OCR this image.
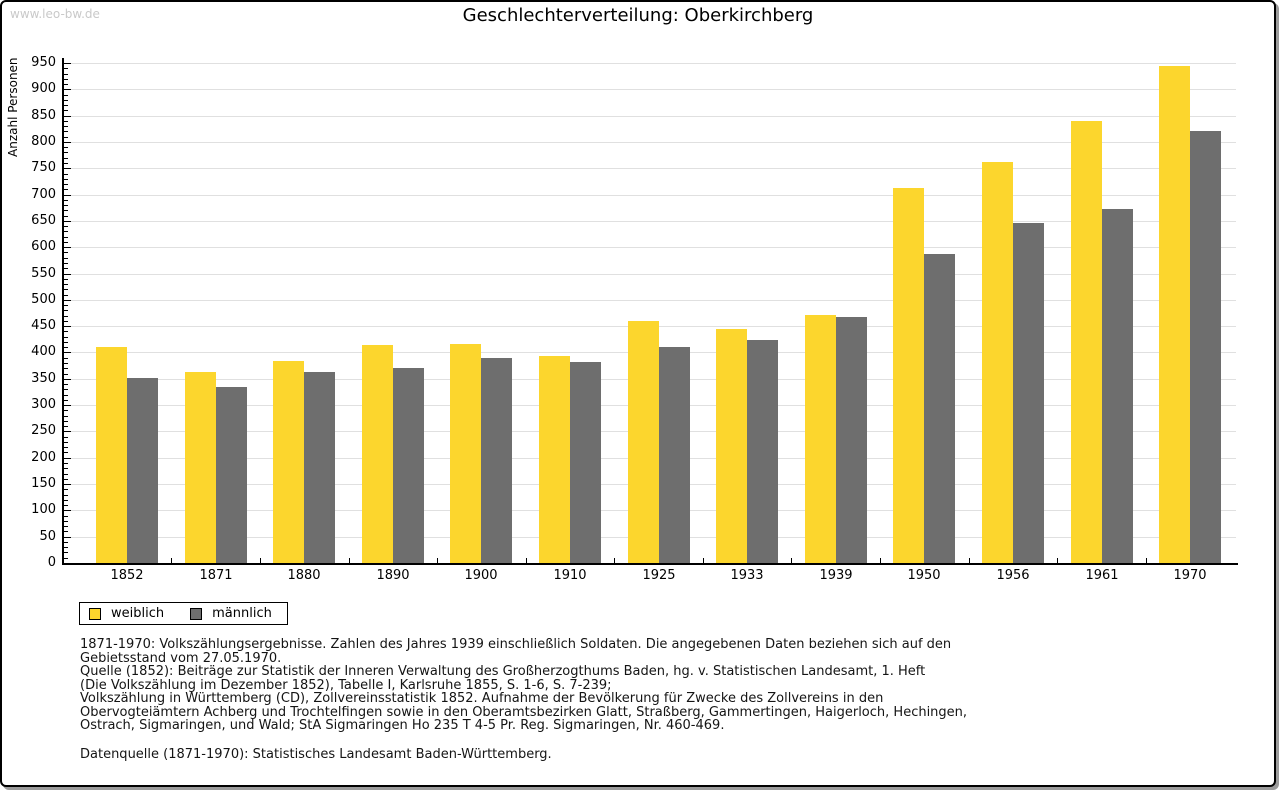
www.leo-bw.de	Geschlechterverteilung: Oberkirchberg
Anzahl Personen
0
50
100
150
200
250
300
350
400
450
500
550
600
650
700
750
800
850
900
950
1852	1871	1880	1890	1900	1910	1925	1933	1939	1950	1956	1961	1970
weiblich	männlich
1871-1970: Volkszählungsergebnisse. Zahlen des Jahres 1939 einschließlich Soldaten. Die angegebenen Daten beziehen sich auf den
Gebietsstand vom 27.05.1970.
Quelle (1852): Beiträge zur Statistik der Inneren Verwaltung des Großherzogthums Baden, hg. v. Statistischen Landesamt, 1. Heft
(Die Volkszählung im Dezember 1852), Tabelle I, Karlsruhe 1855, S. 1-6, S. 7-239;
Volkszählung in Württemberg (CD), Zollvereinsstatistik 1852. Aufnahme der Bevölkerung für Zwecke des Zollvereins in den
Obervogteiämtern Achberg und Trochtelfingen sowie in den Oberamtsbezirken Glatt, Straßberg, Gammertingen, Haigerloch, Hechingen,
Ostrach, Sigmaringen, und Wald; StA Sigmaringen Ho 235 T 4-5 Pr. Reg. Sigmaringen, Nr. 460-469.
Datenquelle (1871-1970): Statistisches Landesamt Baden-Württemberg.
